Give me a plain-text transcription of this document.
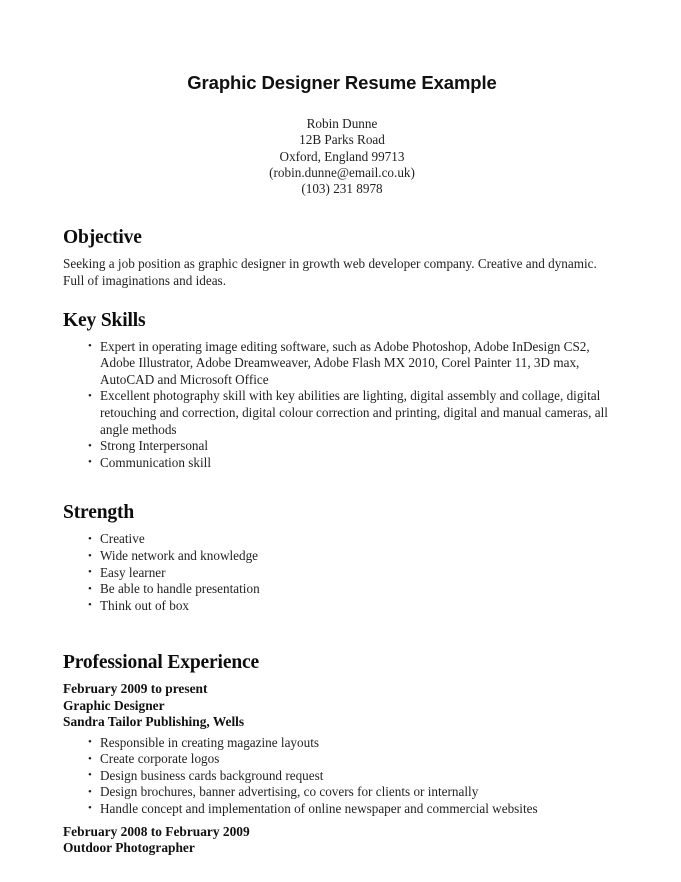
Graphic Designer Resume Example
Robin Dunne
12B Parks Road
Oxford, England 99713
(robin.dunne@email.co.uk)
(103) 231 8978
Objective

Seeking a job position as graphic designer in growth web developer company. Creative and dynamic. Full of imaginations and ideas.

Key Skills
• Expert in operating image editing software, such as Adobe Photoshop, Adobe InDesign CS2, Adobe Illustrator, Adobe Dreamweaver, Adobe Flash MX 2010, Corel Painter 11, 3D max, AutoCAD and Microsoft Office
• Excellent photography skill with key abilities are lighting, digital assembly and collage, digital retouching and correction, digital colour correction and printing, digital and manual cameras, all angle methods
• Strong Interpersonal
• Communication skill
Strength
• Creative
• Wide network and knowledge
• Easy learner
• Be able to handle presentation
• Think out of box
Professional Experience
February 2009 to present
Graphic Designer
Sandra Tailor Publishing, Wells
• Responsible in creating magazine layouts
• Create corporate logos
• Design business cards background request
• Design brochures, banner advertising, co covers for clients or internally
• Handle concept and implementation of online newspaper and commercial websites
February 2008 to February 2009
Outdoor Photographer
